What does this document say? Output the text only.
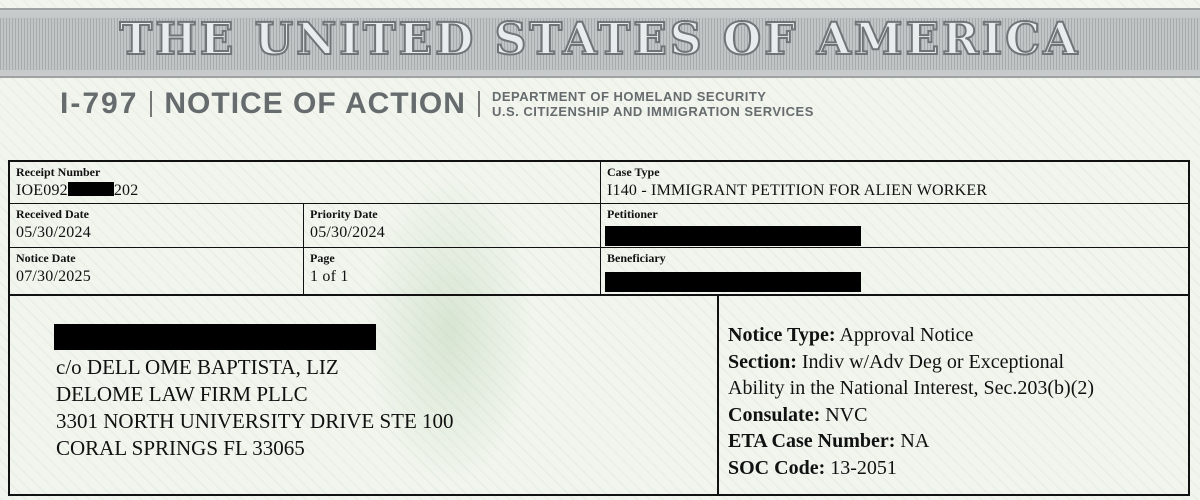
THE UNITED STATES OF AMERICA
I-797 NOTICE OF ACTION DEPARTMENT OF HOMELAND SECURITY
U.S. CITIZENSHIP AND IMMIGRATION SERVICES
Receipt Number
IOE092	202
Case Type
I140 - IMMIGRANT PETITION FOR ALIEN WORKER
Received Date
05/30/2024
Priority Date
05/30/2024
Petitioner
Notice Date
07/30/2025
Page
1 of 1
Beneficiary
c/o DELL OME BAPTISTA, LIZ
DELOME LAW FIRM PLLC
3301 NORTH UNIVERSITY DRIVE STE 100
CORAL SPRINGS FL 33065
Notice Type: Approval Notice
Section: Indiv w/Adv Deg or Exceptional
Ability in the National Interest, Sec.203(b)(2)
Consulate: NVC
ETA Case Number: NA
SOC Code: 13-2051
